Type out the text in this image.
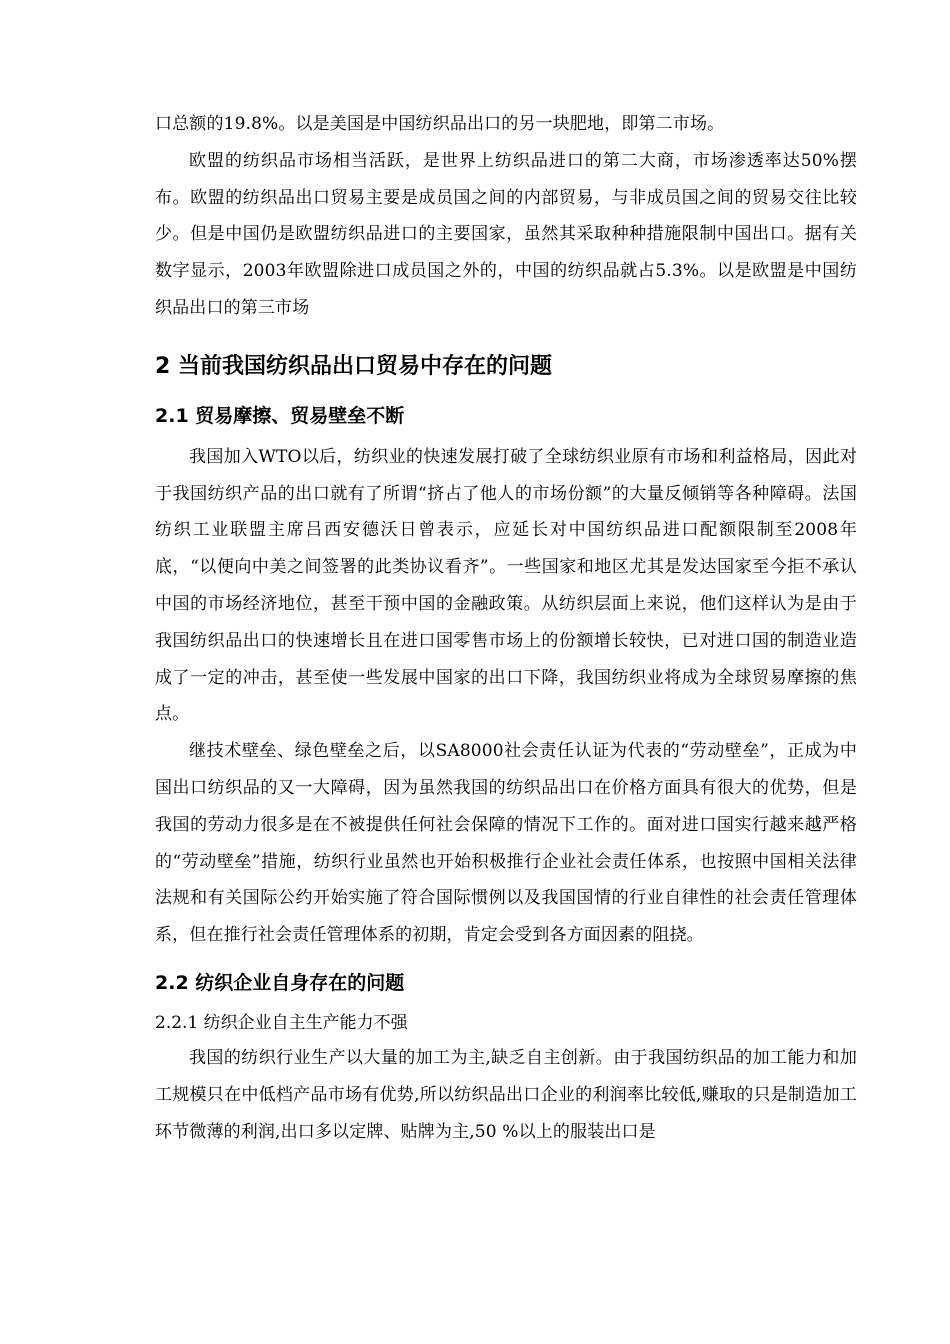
口总额的19.8%。以是美国是中国纺织品出口的另一块肥地，即第二市场。

欧盟的纺织品市场相当活跃，是世界上纺织品进口的第二大商，市场渗透率达50%摆布。欧盟的纺织品出口贸易主要是成员国之间的内部贸易，与非成员国之间的贸易交往比较少。但是中国仍是欧盟纺织品进口的主要国家，虽然其采取种种措施限制中国出口。据有关数字显示，2003年欧盟除进口成员国之外的，中国的纺织品就占5.3%。以是欧盟是中国纺织品出口的第三市场

2 当前我国纺织品出口贸易中存在的问题
2.1 贸易摩擦、贸易壁垒不断

我国加入WTO以后，纺织业的快速发展打破了全球纺织业原有市场和利益格局，因此对于我国纺织产品的出口就有了所谓“挤占了他人的市场份额”的大量反倾销等各种障碍。法国纺织工业联盟主席吕西安德沃日曾表示，应延长对中国纺织品进口配额限制至2008年底，“以便向中美之间签署的此类协议看齐”。一些国家和地区尤其是发达国家至今拒不承认中国的市场经济地位，甚至干预中国的金融政策。从纺织层面上来说，他们这样认为是由于我国纺织品出口的快速增长且在进口国零售市场上的份额增长较快，已对进口国的制造业造成了一定的冲击，甚至使一些发展中国家的出口下降，我国纺织业将成为全球贸易摩擦的焦点。

继技术壁垒、绿色壁垒之后，以SA8000社会责任认证为代表的“劳动壁垒”，正成为中国出口纺织品的又一大障碍，因为虽然我国的纺织品出口在价格方面具有很大的优势，但是我国的劳动力很多是在不被提供任何社会保障的情况下工作的。面对进口国实行越来越严格的“劳动壁垒”措施，纺织行业虽然也开始积极推行企业社会责任体系，也按照中国相关法律法规和有关国际公约开始实施了符合国际惯例以及我国国情的行业自律性的社会责任管理体系，但在推行社会责任管理体系的初期，肯定会受到各方面因素的阻挠。

2.2 纺织企业自身存在的问题
2.2.1 纺织企业自主生产能力不强

我国的纺织行业生产以大量的加工为主,缺乏自主创新。由于我国纺织品的加工能力和加工规模只在中低档产品市场有优势,所以纺织品出口企业的利润率比较低,赚取的只是制造加工环节微薄的利润,出口多以定牌、贴牌为主,50 %以上的服装出口是
